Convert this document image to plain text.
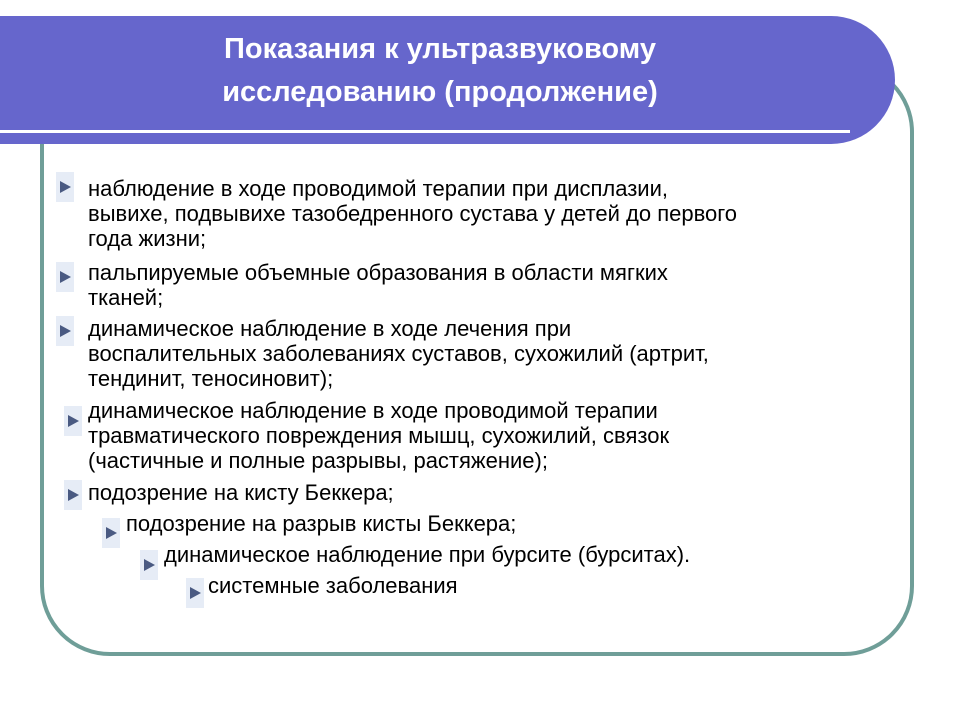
Показания к ультразвуковому
исследованию (продолжение)
наблюдение в ходе проводимой терапии при дисплазии,
вывихе, подвывихе тазобедренного сустава у детей до первого
года жизни;
пальпируемые объемные образования в области мягких
тканей;
динамическое наблюдение в ходе лечения при
воспалительных заболеваниях суставов, сухожилий (артрит,
тендинит, теносиновит);
динамическое наблюдение в ходе проводимой терапии
травматического повреждения мышц, сухожилий, связок
(частичные и полные разрывы, растяжение);
подозрение на кисту Беккера;
подозрение на разрыв кисты Беккера;
динамическое наблюдение при бурсите (бурситах).
системные заболевания
